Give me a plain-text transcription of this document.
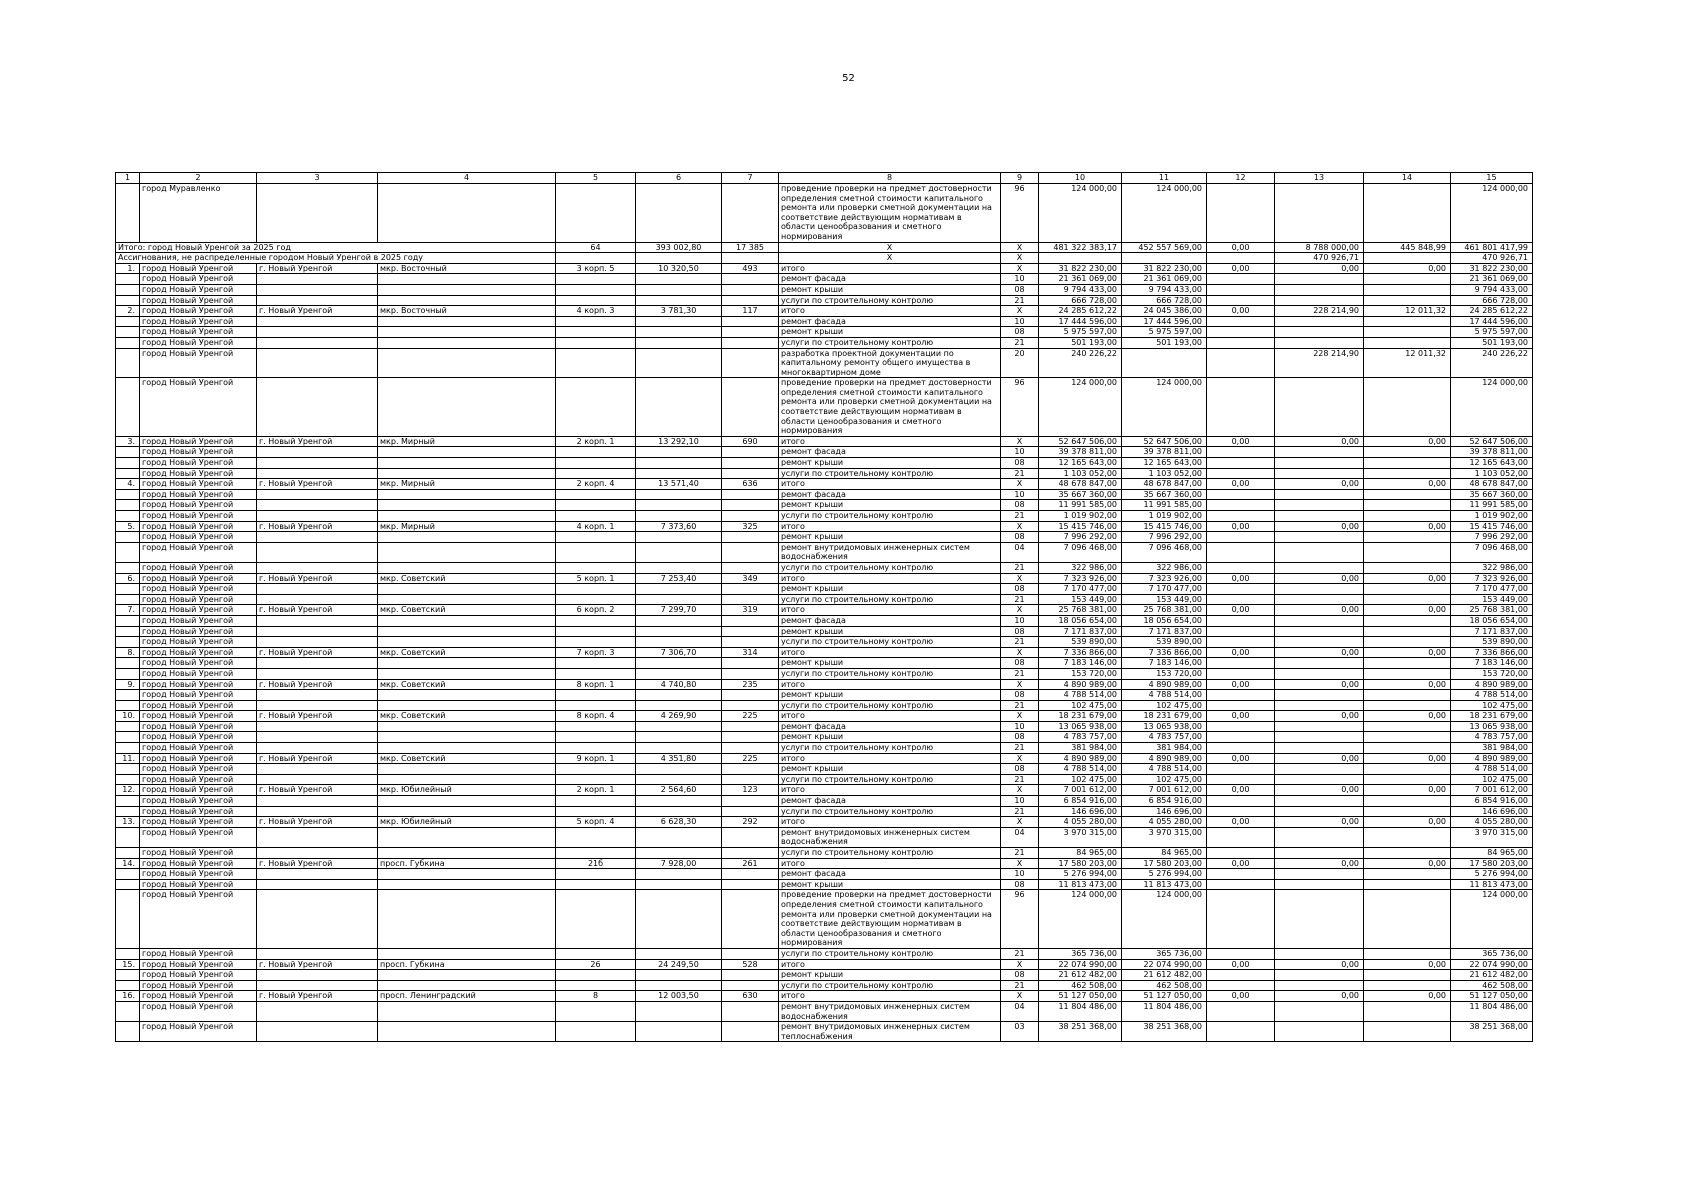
52
1	2	3	4	5	6	7	8	9	10	11	12	13	14	15
	город Муравленко						проведение проверки на предмет достоверности определения сметной стоимости капитального ремонта или проверки сметной документации на соответствие действующим нормативам в области ценообразования и сметного нормирования	96	124 000,00	124 000,00				124 000,00
Итого: город Новый Уренгой за 2025 год				64	393 002,80	17 385	Х	Х	481 322 383,17	452 557 569,00	0,00	8 788 000,00	445 848,99	461 801 417,99
Ассигнования, не распределенные городом Новый Уренгой в 2025 году							Х	Х				470 926,71		470 926,71
1.	город Новый Уренгой	г. Новый Уренгой	мкр. Восточный	3 корп. 5	10 320,50	493	итого	Х	31 822 230,00	31 822 230,00	0,00	0,00	0,00	31 822 230,00
	город Новый Уренгой						ремонт фасада	10	21 361 069,00	21 361 069,00				21 361 069,00
	город Новый Уренгой						ремонт крыши	08	9 794 433,00	9 794 433,00				9 794 433,00
	город Новый Уренгой						услуги по строительному контролю	21	666 728,00	666 728,00				666 728,00
2.	город Новый Уренгой	г. Новый Уренгой	мкр. Восточный	4 корп. 3	3 781,30	117	итого	Х	24 285 612,22	24 045 386,00	0,00	228 214,90	12 011,32	24 285 612,22
	город Новый Уренгой						ремонт фасада	10	17 444 596,00	17 444 596,00				17 444 596,00
	город Новый Уренгой						ремонт крыши	08	5 975 597,00	5 975 597,00				5 975 597,00
	город Новый Уренгой						услуги по строительному контролю	21	501 193,00	501 193,00				501 193,00
	город Новый Уренгой						разработка проектной документации по капитальному ремонту общего имущества в многоквартирном доме	20	240 226,22			228 214,90	12 011,32	240 226,22
	город Новый Уренгой						проведение проверки на предмет достоверности определения сметной стоимости капитального ремонта или проверки сметной документации на соответствие действующим нормативам в области ценообразования и сметного нормирования	96	124 000,00	124 000,00				124 000,00
3.	город Новый Уренгой	г. Новый Уренгой	мкр. Мирный	2 корп. 1	13 292,10	690	итого	Х	52 647 506,00	52 647 506,00	0,00	0,00	0,00	52 647 506,00
	город Новый Уренгой						ремонт фасада	10	39 378 811,00	39 378 811,00				39 378 811,00
	город Новый Уренгой						ремонт крыши	08	12 165 643,00	12 165 643,00				12 165 643,00
	город Новый Уренгой						услуги по строительному контролю	21	1 103 052,00	1 103 052,00				1 103 052,00
4.	город Новый Уренгой	г. Новый Уренгой	мкр. Мирный	2 корп. 4	13 571,40	636	итого	Х	48 678 847,00	48 678 847,00	0,00	0,00	0,00	48 678 847,00
	город Новый Уренгой						ремонт фасада	10	35 667 360,00	35 667 360,00				35 667 360,00
	город Новый Уренгой						ремонт крыши	08	11 991 585,00	11 991 585,00				11 991 585,00
	город Новый Уренгой						услуги по строительному контролю	21	1 019 902,00	1 019 902,00				1 019 902,00
5.	город Новый Уренгой	г. Новый Уренгой	мкр. Мирный	4 корп. 1	7 373,60	325	итого	Х	15 415 746,00	15 415 746,00	0,00	0,00	0,00	15 415 746,00
	город Новый Уренгой						ремонт крыши	08	7 996 292,00	7 996 292,00				7 996 292,00
	город Новый Уренгой						ремонт внутридомовых инженерных систем водоснабжения	04	7 096 468,00	7 096 468,00				7 096 468,00
	город Новый Уренгой						услуги по строительному контролю	21	322 986,00	322 986,00				322 986,00
6.	город Новый Уренгой	г. Новый Уренгой	мкр. Советский	5 корп. 1	7 253,40	349	итого	Х	7 323 926,00	7 323 926,00	0,00	0,00	0,00	7 323 926,00
	город Новый Уренгой						ремонт крыши	08	7 170 477,00	7 170 477,00				7 170 477,00
	город Новый Уренгой						услуги по строительному контролю	21	153 449,00	153 449,00				153 449,00
7.	город Новый Уренгой	г. Новый Уренгой	мкр. Советский	6 корп. 2	7 299,70	319	итого	Х	25 768 381,00	25 768 381,00	0,00	0,00	0,00	25 768 381,00
	город Новый Уренгой						ремонт фасада	10	18 056 654,00	18 056 654,00				18 056 654,00
	город Новый Уренгой						ремонт крыши	08	7 171 837,00	7 171 837,00				7 171 837,00
	город Новый Уренгой						услуги по строительному контролю	21	539 890,00	539 890,00				539 890,00
8.	город Новый Уренгой	г. Новый Уренгой	мкр. Советский	7 корп. 3	7 306,70	314	итого	Х	7 336 866,00	7 336 866,00	0,00	0,00	0,00	7 336 866,00
	город Новый Уренгой						ремонт крыши	08	7 183 146,00	7 183 146,00				7 183 146,00
	город Новый Уренгой						услуги по строительному контролю	21	153 720,00	153 720,00				153 720,00
9.	город Новый Уренгой	г. Новый Уренгой	мкр. Советский	8 корп. 1	4 740,80	235	итого	Х	4 890 989,00	4 890 989,00	0,00	0,00	0,00	4 890 989,00
	город Новый Уренгой						ремонт крыши	08	4 788 514,00	4 788 514,00				4 788 514,00
	город Новый Уренгой						услуги по строительному контролю	21	102 475,00	102 475,00				102 475,00
10.	город Новый Уренгой	г. Новый Уренгой	мкр. Советский	8 корп. 4	4 269,90	225	итого	Х	18 231 679,00	18 231 679,00	0,00	0,00	0,00	18 231 679,00
	город Новый Уренгой						ремонт фасада	10	13 065 938,00	13 065 938,00				13 065 938,00
	город Новый Уренгой						ремонт крыши	08	4 783 757,00	4 783 757,00				4 783 757,00
	город Новый Уренгой						услуги по строительному контролю	21	381 984,00	381 984,00				381 984,00
11.	город Новый Уренгой	г. Новый Уренгой	мкр. Советский	9 корп. 1	4 351,80	225	итого	Х	4 890 989,00	4 890 989,00	0,00	0,00	0,00	4 890 989,00
	город Новый Уренгой						ремонт крыши	08	4 788 514,00	4 788 514,00				4 788 514,00
	город Новый Уренгой						услуги по строительному контролю	21	102 475,00	102 475,00				102 475,00
12.	город Новый Уренгой	г. Новый Уренгой	мкр. Юбилейный	2 корп. 1	2 564,60	123	итого	Х	7 001 612,00	7 001 612,00	0,00	0,00	0,00	7 001 612,00
	город Новый Уренгой						ремонт фасада	10	6 854 916,00	6 854 916,00				6 854 916,00
	город Новый Уренгой						услуги по строительному контролю	21	146 696,00	146 696,00				146 696,00
13.	город Новый Уренгой	г. Новый Уренгой	мкр. Юбилейный	5 корп. 4	6 628,30	292	итого	Х	4 055 280,00	4 055 280,00	0,00	0,00	0,00	4 055 280,00
	город Новый Уренгой						ремонт внутридомовых инженерных систем водоснабжения	04	3 970 315,00	3 970 315,00				3 970 315,00
	город Новый Уренгой						услуги по строительному контролю	21	84 965,00	84 965,00				84 965,00
14.	город Новый Уренгой	г. Новый Уренгой	просп. Губкина	21б	7 928,00	261	итого	Х	17 580 203,00	17 580 203,00	0,00	0,00	0,00	17 580 203,00
	город Новый Уренгой						ремонт фасада	10	5 276 994,00	5 276 994,00				5 276 994,00
	город Новый Уренгой						ремонт крыши	08	11 813 473,00	11 813 473,00				11 813 473,00
	город Новый Уренгой						проведение проверки на предмет достоверности определения сметной стоимости капитального ремонта или проверки сметной документации на соответствие действующим нормативам в области ценообразования и сметного нормирования	96	124 000,00	124 000,00				124 000,00
	город Новый Уренгой						услуги по строительному контролю	21	365 736,00	365 736,00				365 736,00
15.	город Новый Уренгой	г. Новый Уренгой	просп. Губкина	26	24 249,50	528	итого	Х	22 074 990,00	22 074 990,00	0,00	0,00	0,00	22 074 990,00
	город Новый Уренгой						ремонт крыши	08	21 612 482,00	21 612 482,00				21 612 482,00
	город Новый Уренгой						услуги по строительному контролю	21	462 508,00	462 508,00				462 508,00
16.	город Новый Уренгой	г. Новый Уренгой	просп. Ленинградский	8	12 003,50	630	итого	Х	51 127 050,00	51 127 050,00	0,00	0,00	0,00	51 127 050,00
	город Новый Уренгой						ремонт внутридомовых инженерных систем водоснабжения	04	11 804 486,00	11 804 486,00				11 804 486,00
	город Новый Уренгой						ремонт внутридомовых инженерных систем теплоснабжения	03	38 251 368,00	38 251 368,00				38 251 368,00
